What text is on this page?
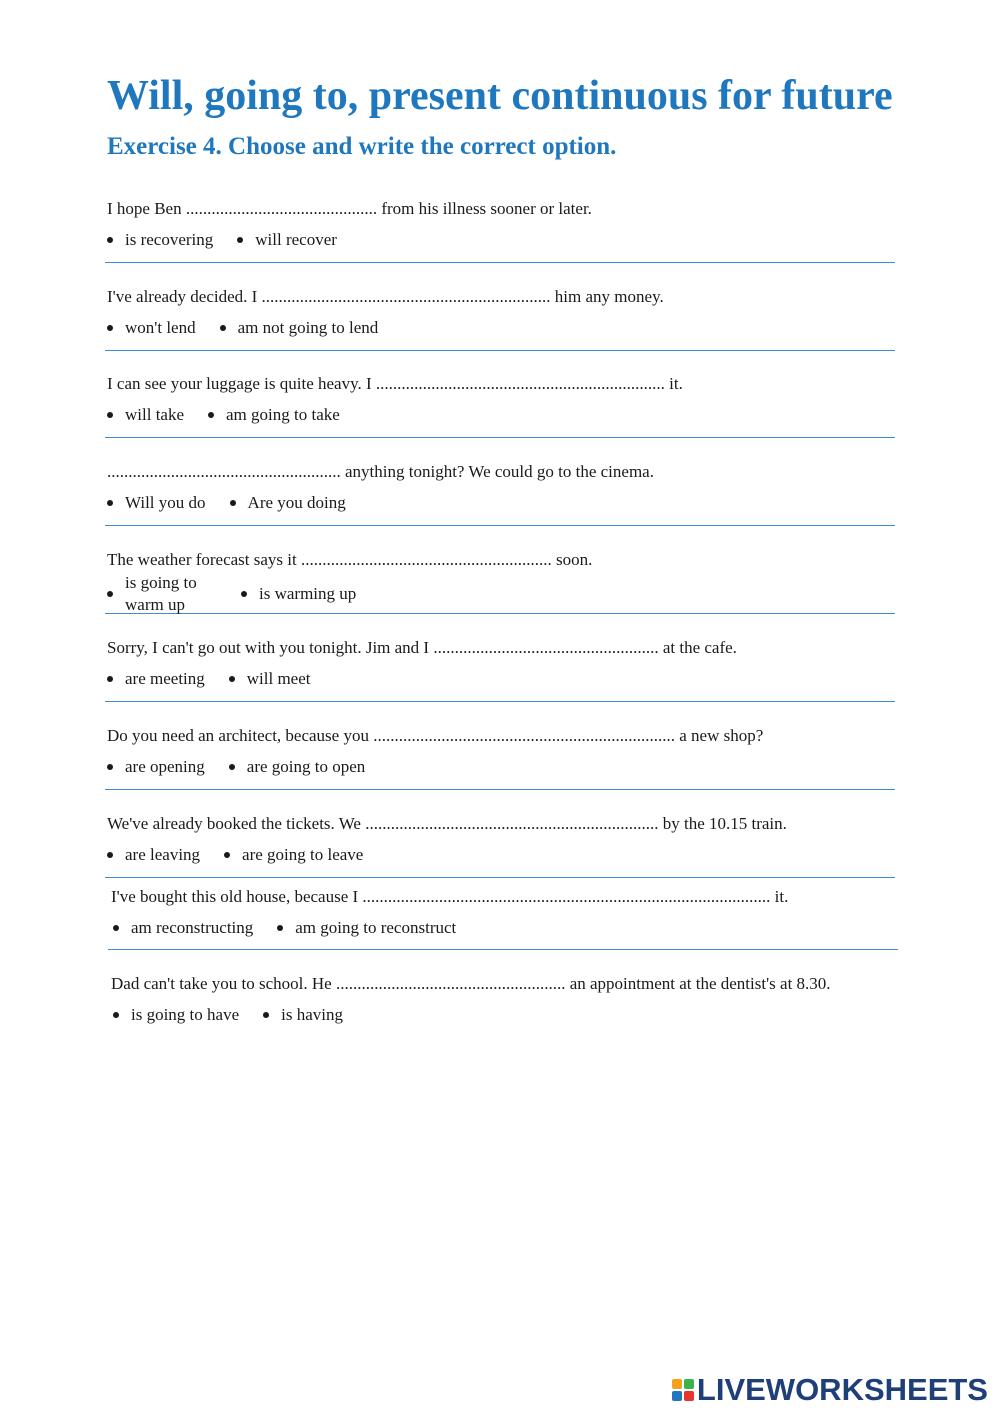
Will, going to, present continuous for future
Exercise 4. Choose and write the correct option.
I hope Ben ............................................. from his illness sooner or later.
is recovering will recover
I've already decided. I .................................................................... him any money.
won't lend am not going to lend
I can see your luggage is quite heavy. I .................................................................... it.
will take am going to take
....................................................... anything tonight? We could go to the cinema.
Will you do Are you doing
The weather forecast says it ........................................................... soon.
is going to warm up
is warming up
Sorry, I can't go out with you tonight. Jim and I ..................................................... at the cafe.
are meeting will meet
Do you need an architect, because you ....................................................................... a new shop?
are opening are going to open
We've already booked the tickets. We ..................................................................... by the 10.15 train.
are leaving are going to leave
I've bought this old house, because I ................................................................................................ it.
am reconstructing am going to reconstruct
Dad can't take you to school. He ...................................................... an appointment at the dentist's at 8.30.
is going to have is having
LIVEWORKSHEETS
